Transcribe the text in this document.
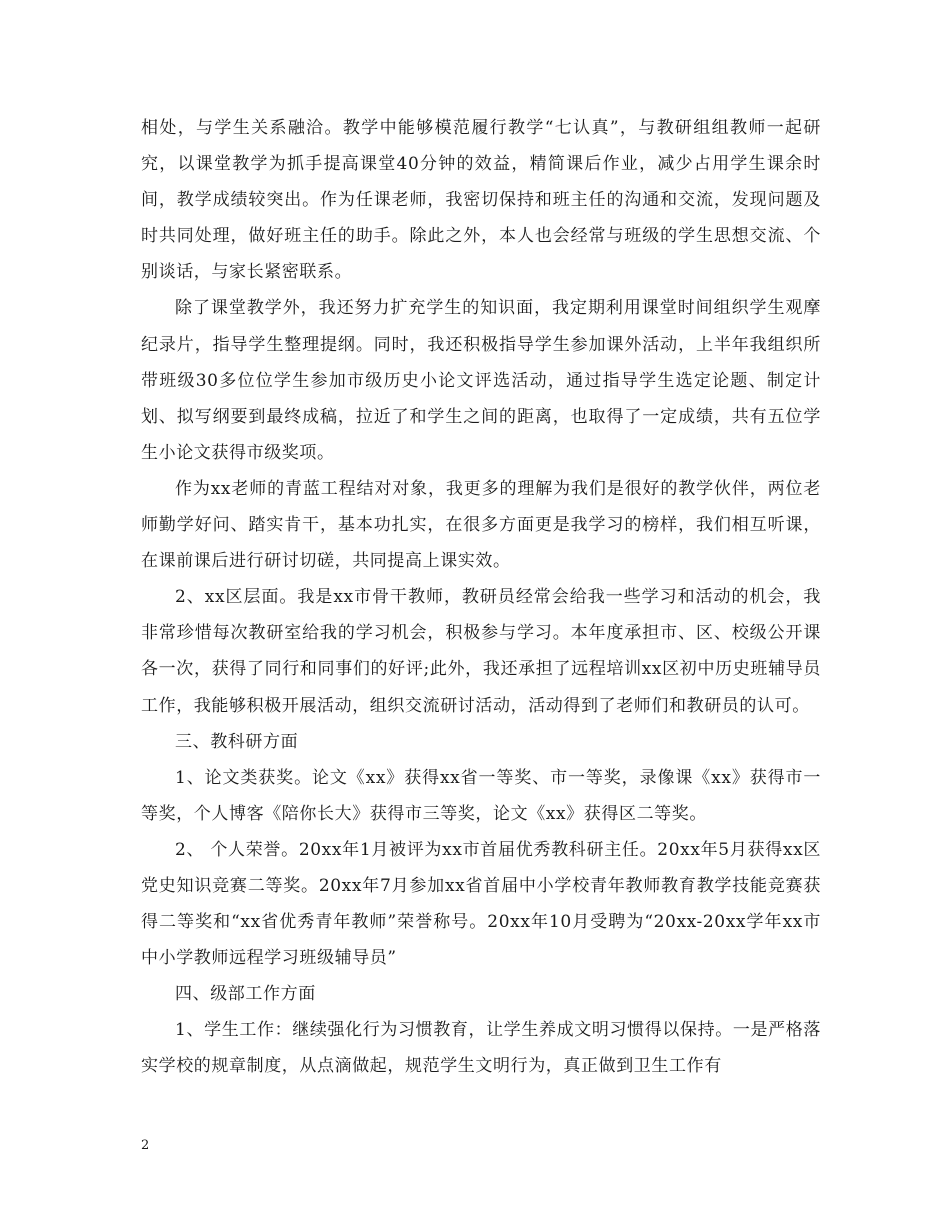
相处，与学生关系融洽。教学中能够模范履行教学“七认真”，与教研组组教师一起研究，以课堂教学为抓手提高课堂40分钟的效益，精简课后作业，减少占用学生课余时间，教学成绩较突出。作为任课老师，我密切保持和班主任的沟通和交流，发现问题及时共同处理，做好班主任的助手。除此之外，本人也会经常与班级的学生思想交流、个别谈话，与家长紧密联系。

除了课堂教学外，我还努力扩充学生的知识面，我定期利用课堂时间组织学生观摩纪录片，指导学生整理提纲。同时，我还积极指导学生参加课外活动，上半年我组织所带班级30多位位学生参加市级历史小论文评选活动，通过指导学生选定论题、制定计划、拟写纲要到最终成稿，拉近了和学生之间的距离，也取得了一定成绩，共有五位学生小论文获得市级奖项。

作为xx老师的青蓝工程结对对象，我更多的理解为我们是很好的教学伙伴，两位老师勤学好问、踏实肯干，基本功扎实，在很多方面更是我学习的榜样，我们相互听课，在课前课后进行研讨切磋，共同提高上课实效。

2、xx区层面。我是xx市骨干教师，教研员经常会给我一些学习和活动的机会，我非常珍惜每次教研室给我的学习机会，积极参与学习。本年度承担市、区、校级公开课各一次，获得了同行和同事们的好评;此外，我还承担了远程培训xx区初中历史班辅导员工作，我能够积极开展活动，组织交流研讨活动，活动得到了老师们和教研员的认可。

三、教科研方面

1、论文类获奖。论文《xx》获得xx省一等奖、市一等奖，录像课《xx》获得市一等奖，个人博客《陪你长大》获得市三等奖，论文《xx》获得区二等奖。

2、 个人荣誉。20xx年1月被评为xx市首届优秀教科研主任。20xx年5月获得xx区党史知识竞赛二等奖。20xx年7月参加xx省首届中小学校青年教师教育教学技能竞赛获得二等奖和“xx省优秀青年教师”荣誉称号。20xx年10月受聘为“20xx-20xx学年xx市中小学教师远程学习班级辅导员”

四、级部工作方面

1、学生工作：继续强化行为习惯教育，让学生养成文明习惯得以保持。一是严格落实学校的规章制度，从点滴做起，规范学生文明行为，真正做到卫生工作有

2
